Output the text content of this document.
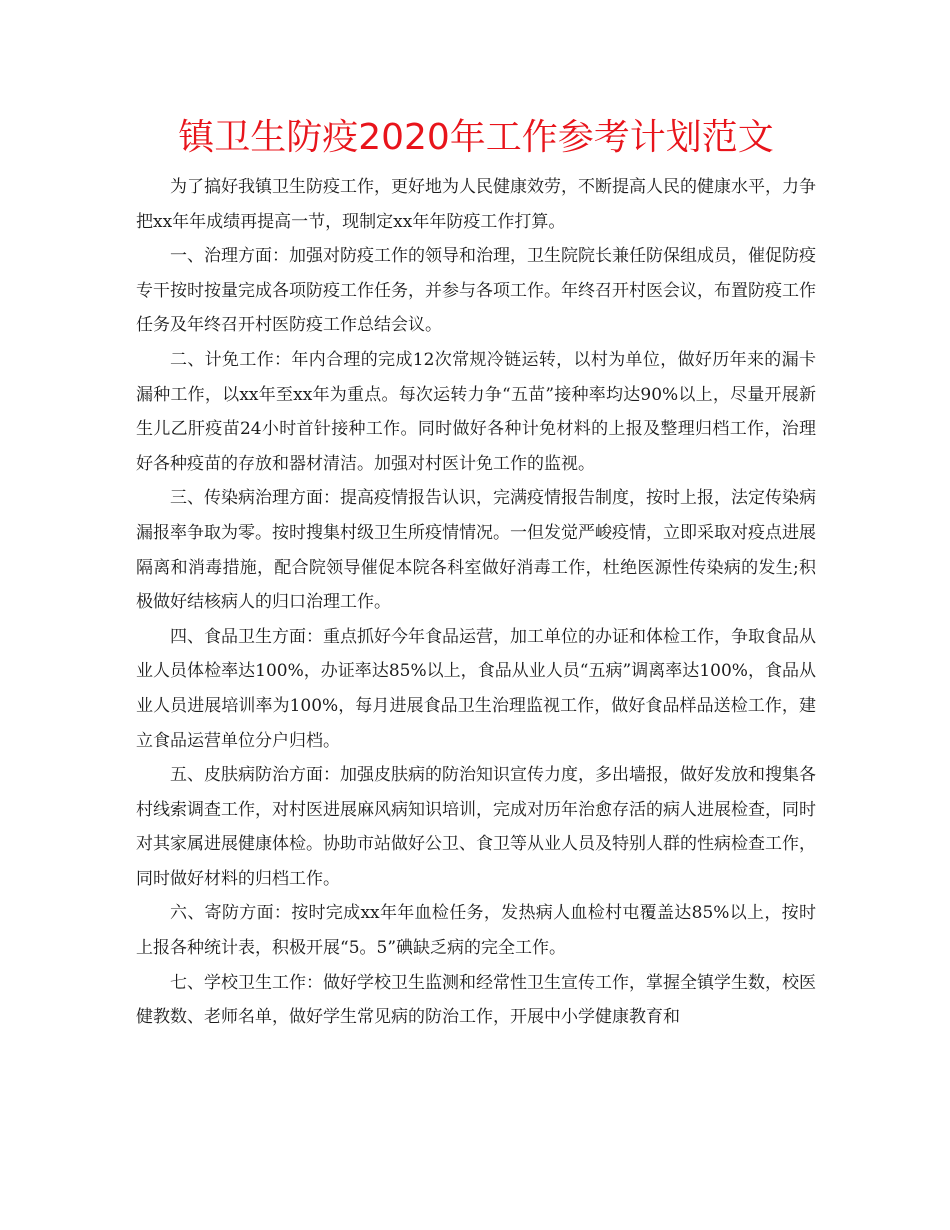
镇卫生防疫2020年工作参考计划范文

为了搞好我镇卫生防疫工作，更好地为人民健康效劳，不断提高人民的健康水平，力争把xx年年成绩再提高一节，现制定xx年年防疫工作打算。

一、治理方面：加强对防疫工作的领导和治理，卫生院院长兼任防保组成员，催促防疫专干按时按量完成各项防疫工作任务，并参与各项工作。年终召开村医会议，布置防疫工作任务及年终召开村医防疫工作总结会议。

二、计免工作：年内合理的完成12次常规冷链运转，以村为单位，做好历年来的漏卡漏种工作，以xx年至xx年为重点。每次运转力争“五苗”接种率均达90%以上，尽量开展新生儿乙肝疫苗24小时首针接种工作。同时做好各种计免材料的上报及整理归档工作，治理好各种疫苗的存放和器材清洁。加强对村医计免工作的监视。

三、传染病治理方面：提高疫情报告认识，完满疫情报告制度，按时上报，法定传染病漏报率争取为零。按时搜集村级卫生所疫情情况。一但发觉严峻疫情，立即采取对疫点进展隔离和消毒措施，配合院领导催促本院各科室做好消毒工作，杜绝医源性传染病的发生;积极做好结核病人的归口治理工作。

四、食品卫生方面：重点抓好今年食品运营，加工单位的办证和体检工作，争取食品从业人员体检率达100%，办证率达85%以上，食品从业人员“五病”调离率达100%，食品从业人员进展培训率为100%，每月进展食品卫生治理监视工作，做好食品样品送检工作，建立食品运营单位分户归档。

五、皮肤病防治方面：加强皮肤病的防治知识宣传力度，多出墙报，做好发放和搜集各村线索调查工作，对村医进展麻风病知识培训，完成对历年治愈存活的病人进展检查，同时对其家属进展健康体检。协助市站做好公卫、食卫等从业人员及特别人群的性病检查工作，同时做好材料的归档工作。

六、寄防方面：按时完成xx年年血检任务，发热病人血检村屯覆盖达85%以上，按时上报各种统计表，积极开展“5。5”碘缺乏病的完全工作。

七、学校卫生工作：做好学校卫生监测和经常性卫生宣传工作，掌握全镇学生数，校医健教数、老师名单，做好学生常见病的防治工作，开展中小学健康教育和
